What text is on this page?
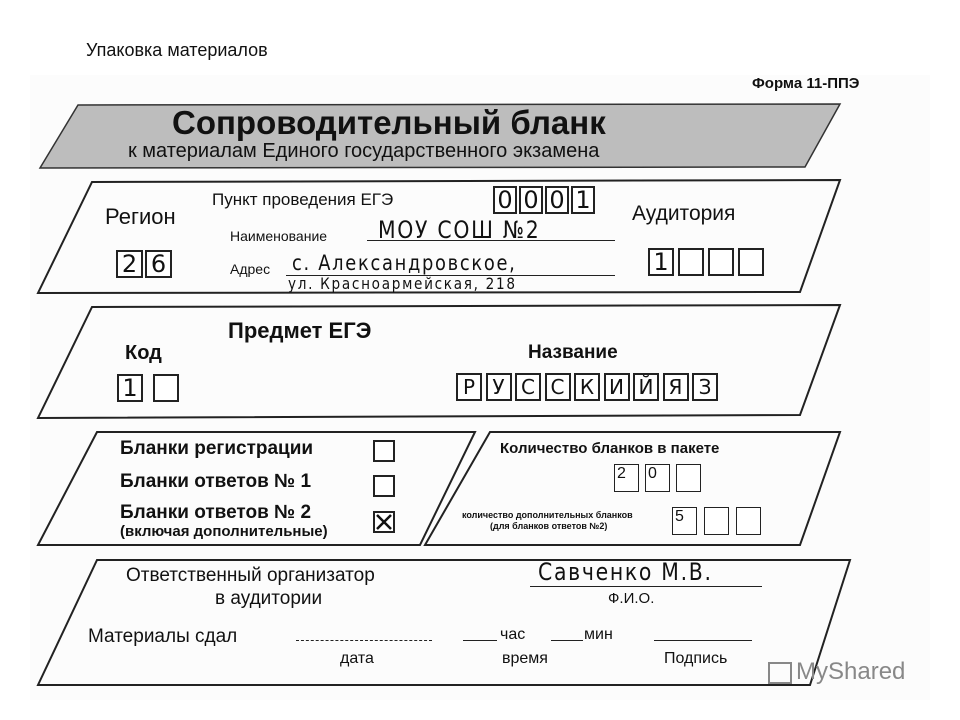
Упаковка материалов
Форма 11-ППЭ
Сопроводительный бланк
к материалам Единого государственного экзамена
Регион
2 6
Пункт проведения ЕГЭ	0 0 0 1
Наименование МОУ СОШ №2
Адрес с. Александровское,
ул. Красноармейская, 218
Аудитория
1
Предмет ЕГЭ
Код
1
Название
Р У С С К И Й Я З
Бланки регистрации
Бланки ответов № 1
Бланки ответов № 2
(включая дополнительные)
Количество бланков в пакете
2	0
количество дополнительных бланков
(для бланков ответов №2)
5
Ответственный организатор
в аудитории
Савченко М.В.
Ф.И.О.
Материалы сдал	час	мин
дата	время	Подпись	MyShared
